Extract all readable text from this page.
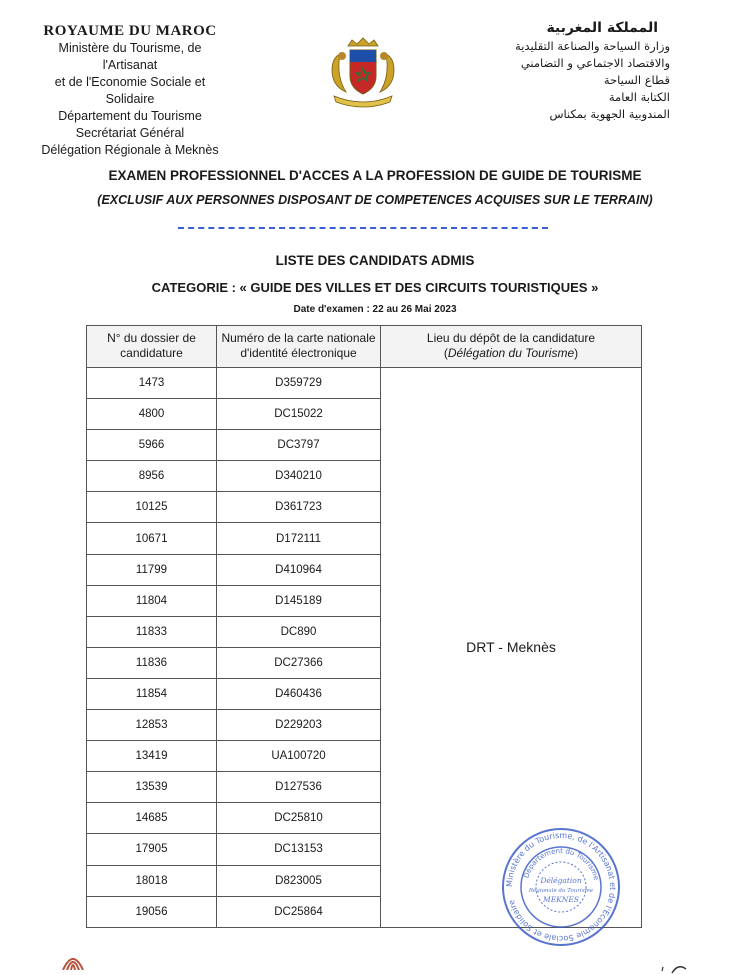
ROYAUME DU MAROC
Ministère du Tourisme, de l'Artisanat
et de l'Economie Sociale et Solidaire
Département du Tourisme
Secrétariat Général
Délégation Régionale à Meknès
المملكة المغربية
وزارة السياحة والصناعة التقليدية
والاقتصاد الاجتماعي و التضامني
قطاع السياحة
الكتابة العامة
المندوبية الجهوية بمكناس
EXAMEN PROFESSIONNEL D'ACCES A LA PROFESSION DE GUIDE DE TOURISME
(EXCLUSIF AUX PERSONNES DISPOSANT DE COMPETENCES ACQUISES SUR LE TERRAIN)
LISTE DES CANDIDATS ADMIS
CATEGORIE : « GUIDE DES VILLES ET DES CIRCUITS TOURISTIQUES »
Date d'examen : 22 au 26 Mai 2023
N° du dossier de candidature	Numéro de la carte nationale d'identité électronique	Lieu du dépôt de la candidature
(Délégation du Tourisme)

1473	D359729	DRT - Meknès
4800	DC15022	
5966	DC3797	
8956	D340210	
10125	D361723	
10671	D172111	
11799	D410964	
11804	D145189	
11833	DC890	
11836	DC27366	
11854	D460436	
12853	D229203	
13419	UA100720	
13539	D127536	
14685	DC25810	
17905	DC13153	
18018	D823005	
19056	DC25864	
Ministère du Tourisme, de l'Artisanat et de l'Economie Sociale et Solidaire
Département du Tourisme
Délégation
Régionale du Tourisme
MEKNES
